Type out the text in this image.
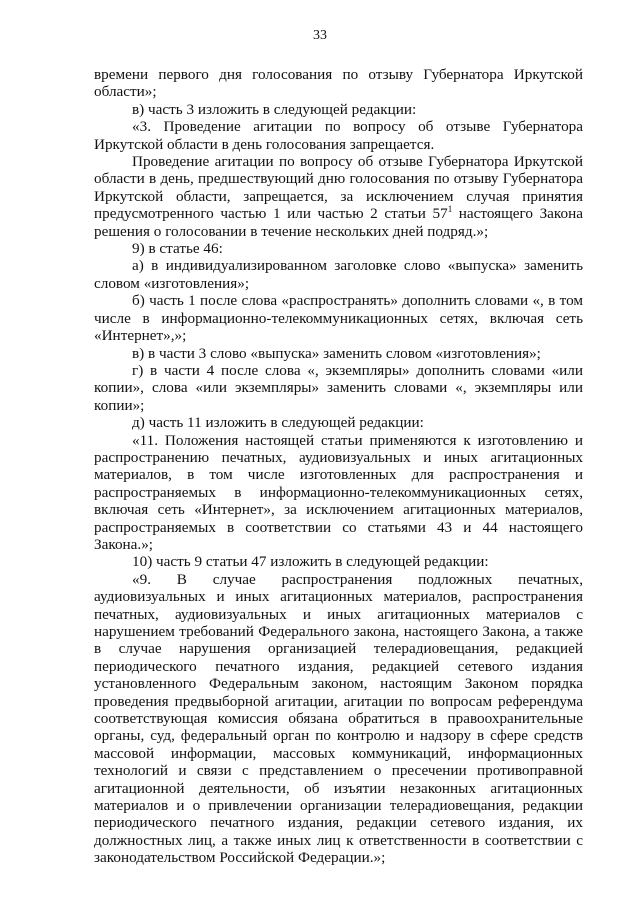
33

времени первого дня голосования по отзыву Губернатора Иркутской области»;

в) часть 3 изложить в следующей редакции:

«3. Проведение агитации по вопросу об отзыве Губернатора Иркутской области в день голосования запрещается.

Проведение агитации по вопросу об отзыве Губернатора Иркутской области в день, предшествующий дню голосования по отзыву Губернатора Иркутской области, запрещается, за исключением случая принятия предусмотренного частью 1 или частью 2 статьи $57^1$ настоящего Закона решения о голосовании в течение нескольких дней подряд.»;

9) в статье 46:

а) в индивидуализированном заголовке слово «выпуска» заменить словом «изготовления»;

б) часть 1 после слова «распространять» дополнить словами «, в том числе в информационно-телекоммуникационных сетях, включая сеть «Интернет»,»;

в) в части 3 слово «выпуска» заменить словом «изготовления»;

г) в части 4 после слова «, экземпляры» дополнить словами «или копии», слова «или экземпляры» заменить словами «, экземпляры или копии»;

д) часть 11 изложить в следующей редакции:

«11. Положения настоящей статьи применяются к изготовлению и распространению печатных, аудиовизуальных и иных агитационных материалов, в том числе изготовленных для распространения и распространяемых в информационно-телекоммуникационных сетях, включая сеть «Интернет», за исключением агитационных материалов, распространяемых в соответствии со статьями 43 и 44 настоящего Закона.»;

10) часть 9 статьи 47 изложить в следующей редакции:

«9. В случае распространения подложных печатных, аудиовизуальных и иных агитационных материалов, распространения печатных, аудиовизуальных и иных агитационных материалов с нарушением требований Федерального закона, настоящего Закона, а также в случае нарушения организацией телерадиовещания, редакцией периодического печатного издания, редакцией сетевого издания установленного Федеральным законом, настоящим Законом порядка проведения предвыборной агитации, агитации по вопросам референдума соответствующая комиссия обязана обратиться в правоохранительные органы, суд, федеральный орган по контролю и надзору в сфере средств массовой информации, массовых коммуникаций, информационных технологий и связи с представлением о пресечении противоправной агитационной деятельности, об изъятии незаконных агитационных материалов и о привлечении организации телерадиовещания, редакции периодического печатного издания, редакции сетевого издания, их должностных лиц, а также иных лиц к ответственности в соответствии с законодательством Российской Федерации.»;
